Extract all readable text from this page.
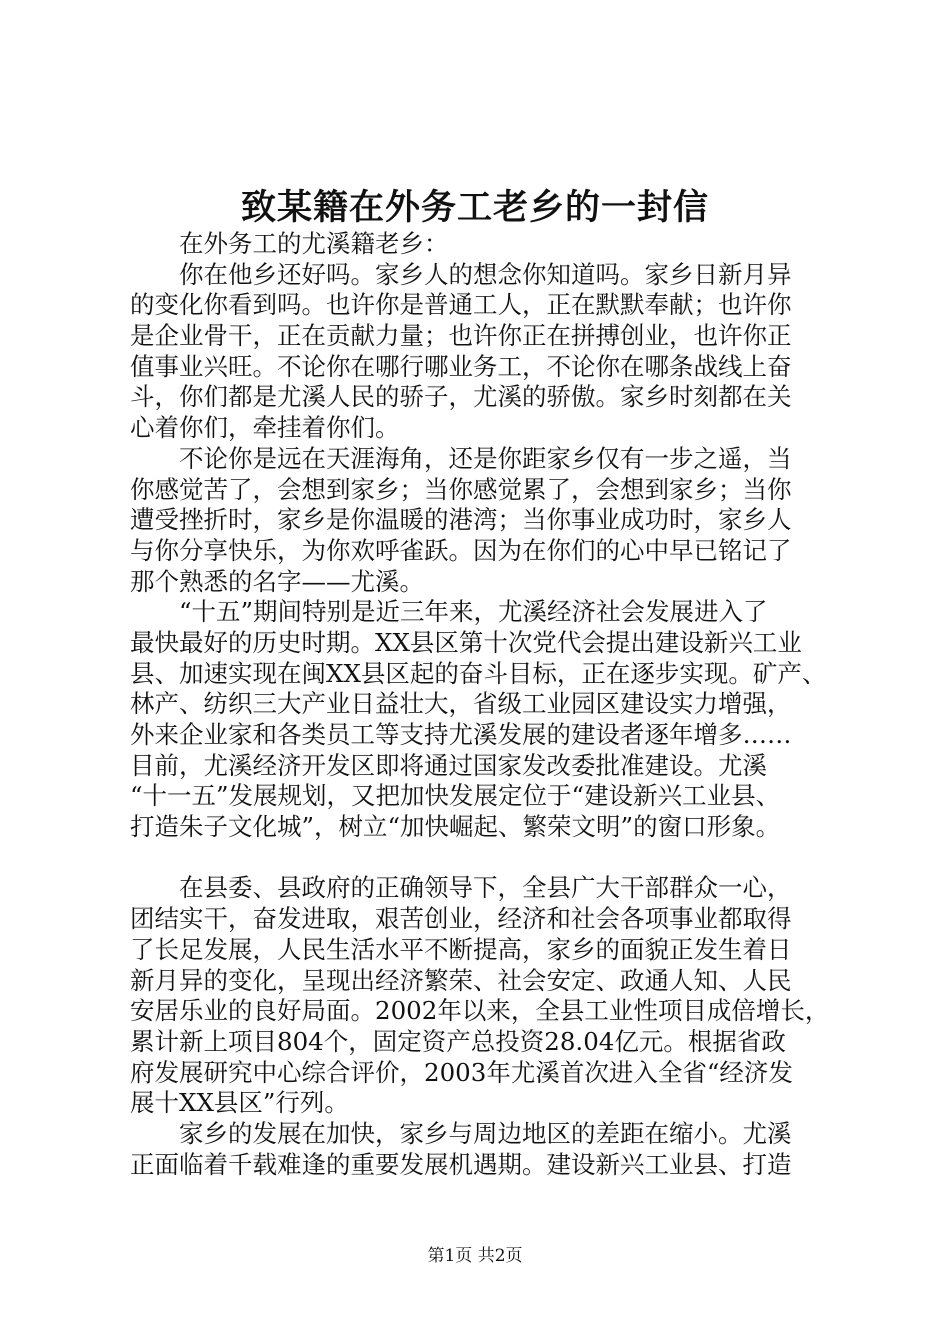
致某籍在外务工老乡的一封信
　　在外务工的尤溪籍老乡：
　　你在他乡还好吗。家乡人的想念你知道吗。家乡日新月异
的变化你看到吗。也许你是普通工人，正在默默奉献；也许你
是企业骨干，正在贡献力量；也许你正在拼搏创业，也许你正
值事业兴旺。不论你在哪行哪业务工，不论你在哪条战线上奋
斗，你们都是尤溪人民的骄子，尤溪的骄傲。家乡时刻都在关
心着你们，牵挂着你们。
　　不论你是远在天涯海角，还是你距家乡仅有一步之遥，当
你感觉苦了，会想到家乡；当你感觉累了，会想到家乡；当你
遭受挫折时，家乡是你温暖的港湾；当你事业成功时，家乡人
与你分享快乐，为你欢呼雀跃。因为在你们的心中早已铭记了
那个熟悉的名字——尤溪。
　　“十五”期间特别是近三年来，尤溪经济社会发展进入了
最快最好的历史时期。XX县区第十次党代会提出建设新兴工业
县、加速实现在闽XX县区起的奋斗目标，正在逐步实现。矿产、
林产、纺织三大产业日益壮大，省级工业园区建设实力增强，
外来企业家和各类员工等支持尤溪发展的建设者逐年增多……
目前，尤溪经济开发区即将通过国家发改委批准建设。尤溪
“十一五”发展规划，又把加快发展定位于“建设新兴工业县、
打造朱子文化城”，树立“加快崛起、繁荣文明”的窗口形象。
　　在县委、县政府的正确领导下，全县广大干部群众一心，
团结实干，奋发进取，艰苦创业，经济和社会各项事业都取得
了长足发展，人民生活水平不断提高，家乡的面貌正发生着日
新月异的变化，呈现出经济繁荣、社会安定、政通人知、人民
安居乐业的良好局面。2002年以来，全县工业性项目成倍增长，
累计新上项目804个，固定资产总投资28.04亿元。根据省政
府发展研究中心综合评价，2003年尤溪首次进入全省“经济发
展十XX县区”行列。
　　家乡的发展在加快，家乡与周边地区的差距在缩小。尤溪
正面临着千载难逢的重要发展机遇期。建设新兴工业县、打造
第1页 共2页
